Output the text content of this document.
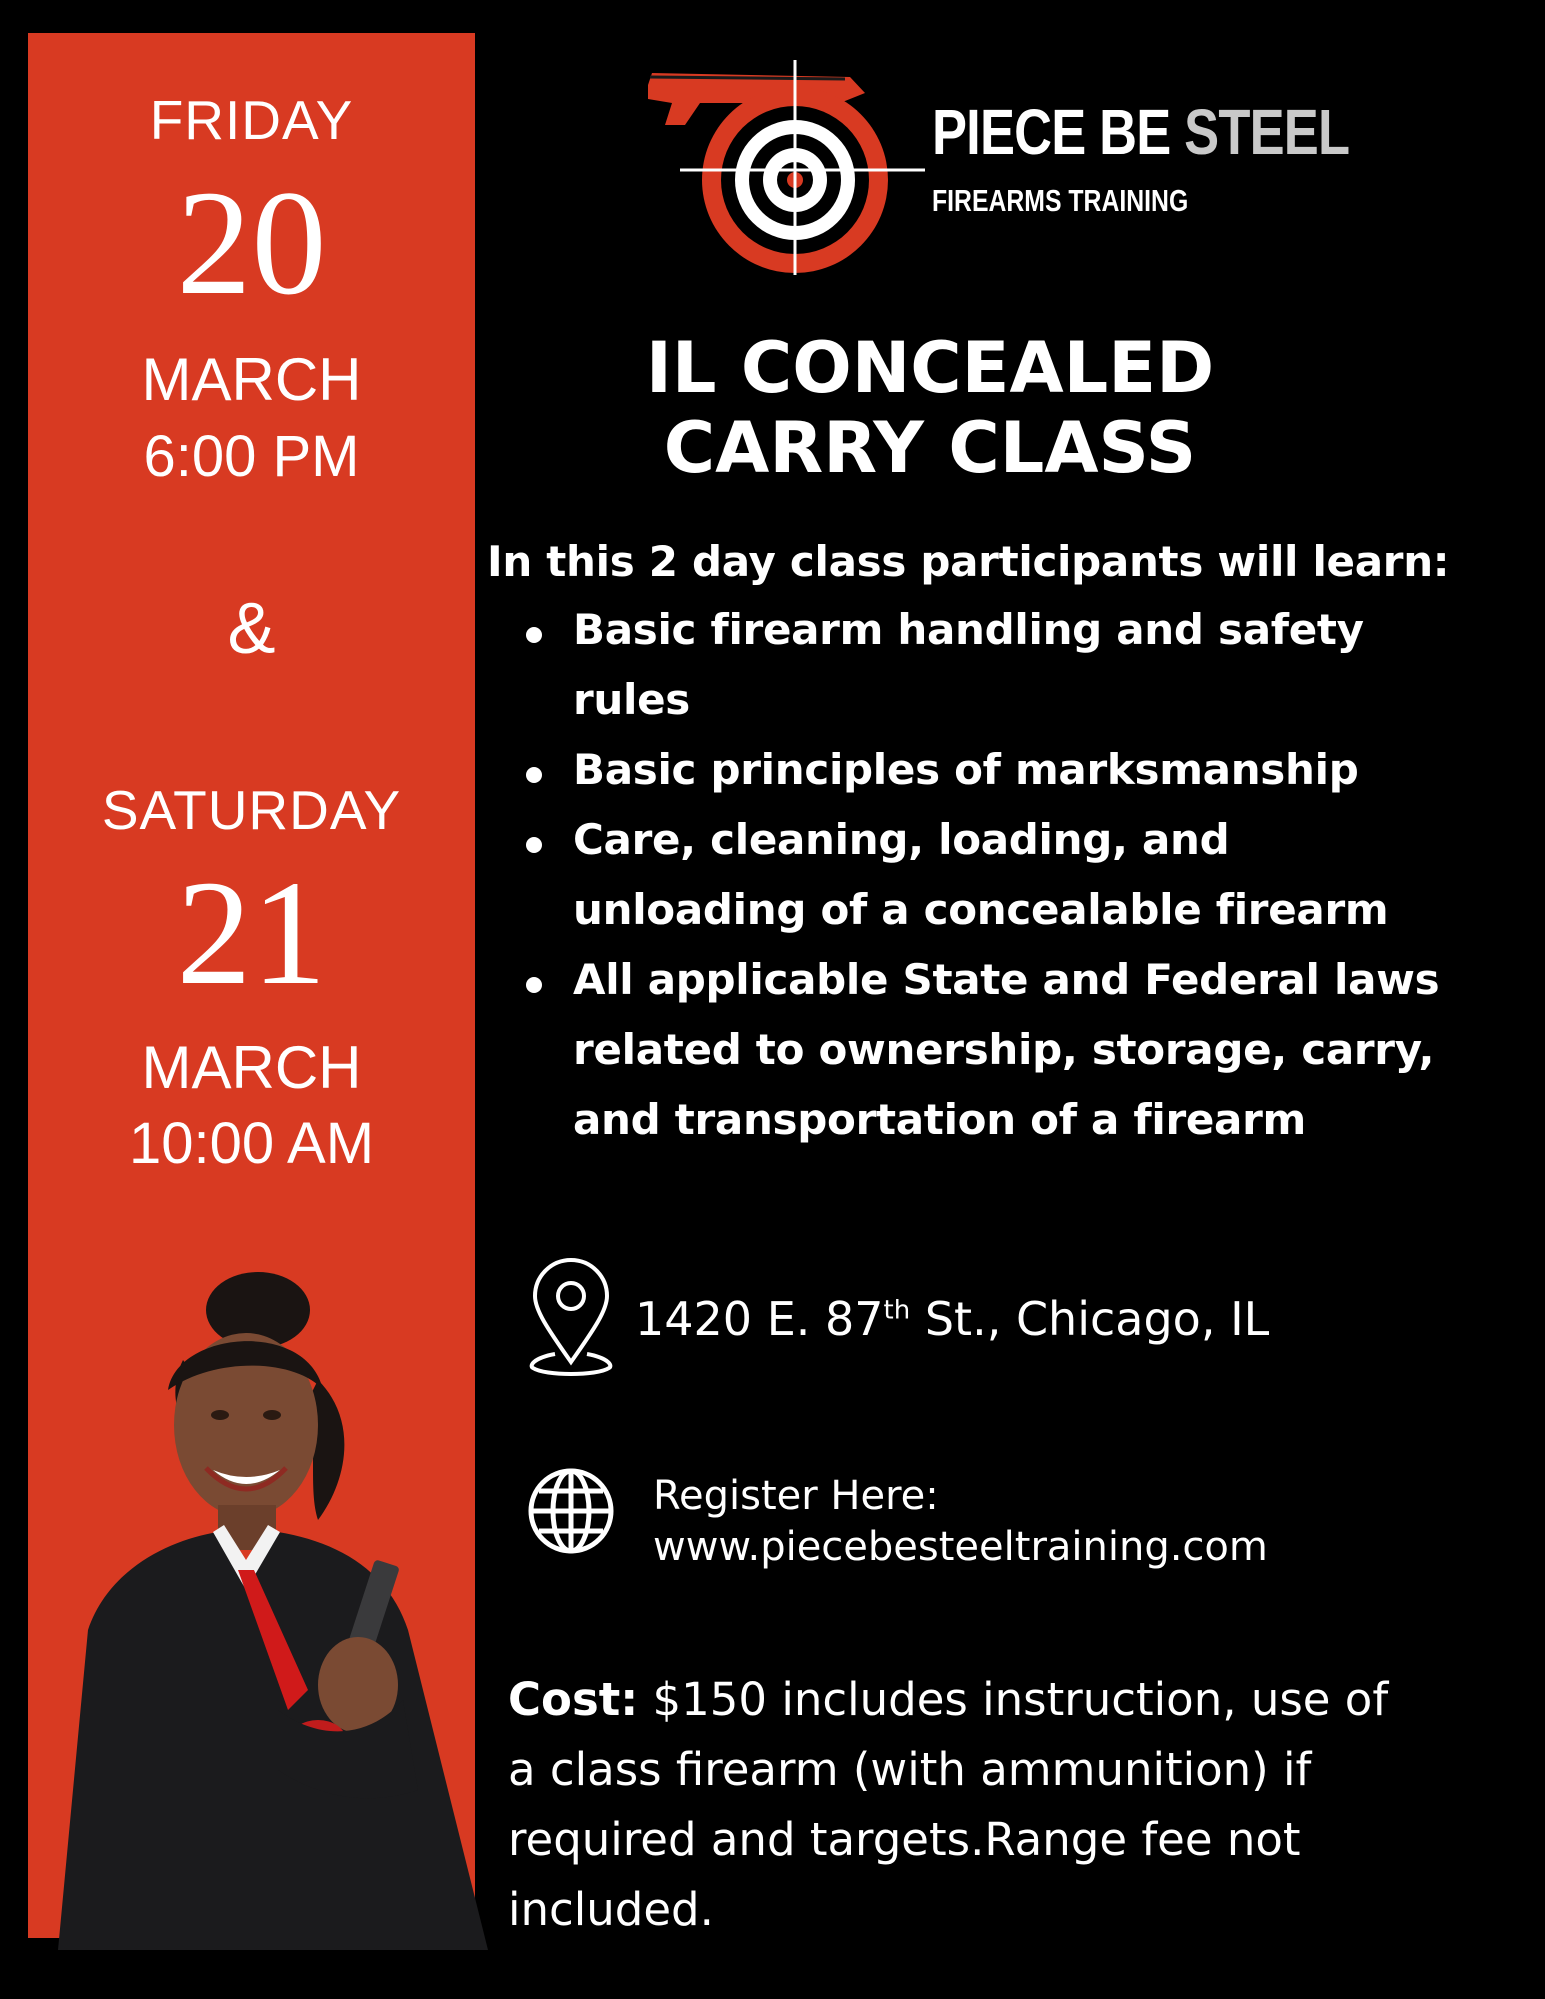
FRIDAY
20
MARCH
6:00 PM
&
SATURDAY
21
MARCH
10:00 AM
PIECE BE STEEL
FIREARMS TRAINING
IL CONCEALED
CARRY CLASS
In this 2 day class participants will learn:
Basic firearm handling and safety
rules
Basic principles of marksmanship
Care, cleaning, loading, and
unloading of a concealable firearm
All applicable State and Federal laws
related to ownership, storage, carry,
and transportation of a firearm
1420 E. 87th St., Chicago, IL
Register Here:
www.piecebesteeltraining.com
Cost: $150 includes instruction, use of
a class firearm (with ammunition) if
required and targets.Range fee not
included.
